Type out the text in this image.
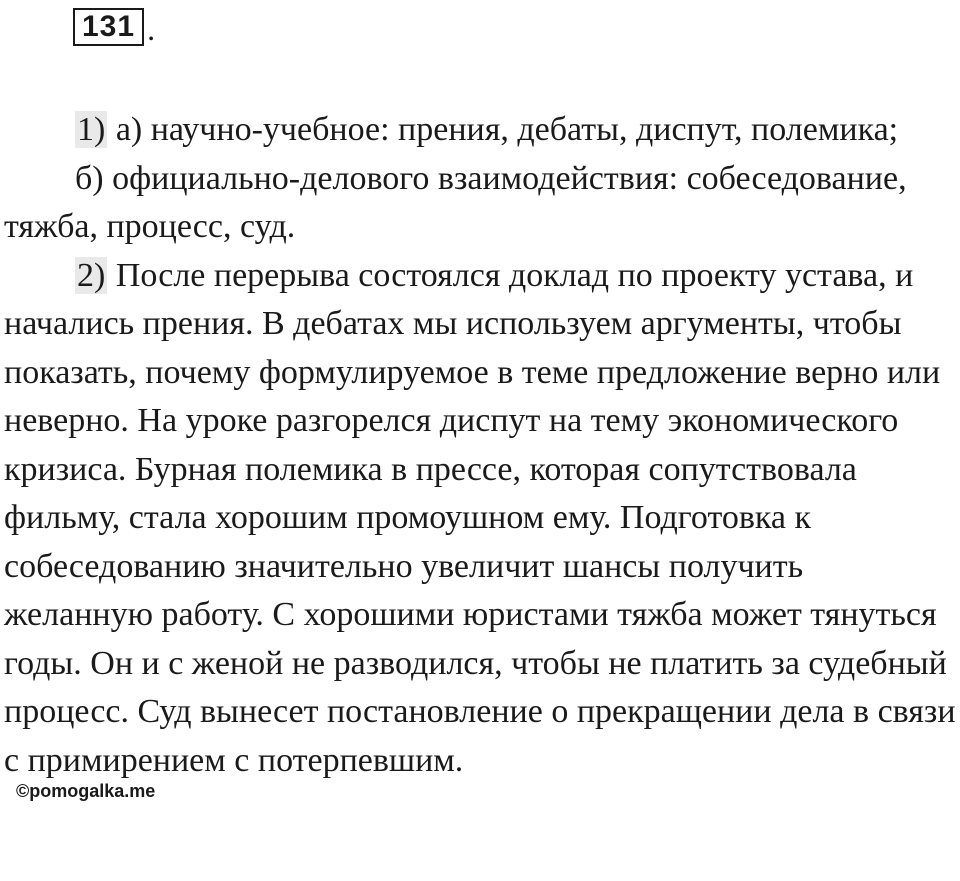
131 .

1) а) научно-учебное: прения, дебаты, диспут, полемика;

б) официально-делового взаимодействия: собеседование, тяжба, процесс, суд.

2) После перерыва состоялся доклад по проекту устава, и начались прения. В дебатах мы используем аргументы, чтобы показать, почему формулируемое в теме предложение верно или неверно. На уроке разгорелся диспут на тему экономического кризиса. Бурная полемика в прессе, которая сопутствовала фильму, стала хорошим промоушном ему. Подготовка к собеседованию значительно увеличит шансы получить желанную работу. С хорошими юристами тяжба может тянуться годы. Он и с женой не разводился, чтобы не платить за судебный процесс. Суд вынесет постановление о прекращении дела в связи с примирением с потерпевшим.

©pomogalka.me
